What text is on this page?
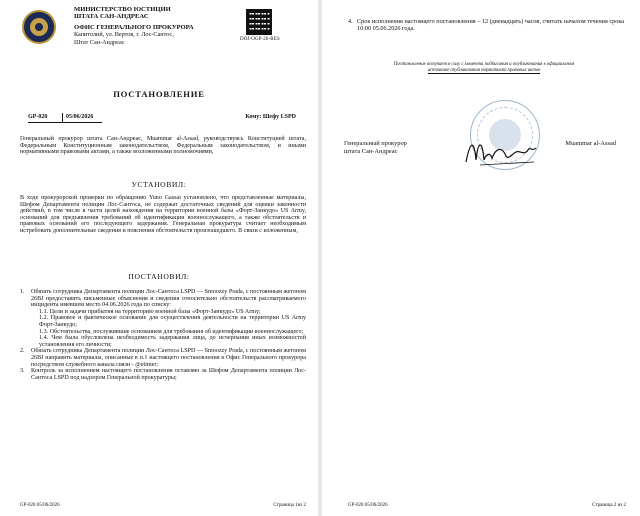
МИНИСТЕРСТВО ЮСТИЦИИ
ШТАТА САН-АНДРЕАС
ОФИС ГЕНЕРАЛЬНОГО ПРОКУРОРА
Капитолий, ул. Вертов, г. Лос-Сантос,
Штат Сан-Андреас	DOJ-OGP-26-RES
ПОСТАНОВЛЕНИЕ
GP-020	05/06/2026	Кому: Шефу LSPD
Генеральный прокурор штата Сан-Андреас, Muammar al-Assad, руководствуясь Конституцией штата, Федеральным Конституционным законодательством, Федеральным законодательством, и иными нормативными правовыми актами, а также возложенными полномочиями,
УСТАНОВИЛ:
В ходе прокурорской проверки по обращению Yuno Gassai установлено, что представленные материалы, Шефом Департамента полиции Лос-Сантоса, не содержат достаточных сведений для оценки законности действий, в том числе в части целей нахождения на территории военной базы «Форт-Занкудо» US Army, оснований для предъявления требований об идентификации военнослужащего, а также обстоятельств и правовых оснований его последующего задержания. Генеральная прокуратура считает необходимым истребовать дополнительные сведения и пояснения обстоятельств произошедшего. В связи с изложенным,
ПОСТАНОВИЛ:
1. Обязать сотрудника Департамента полиции Лос-Сантоса LSPD — Smoozzy Prada, с постоянным жетоном 26BJ предоставить письменные объяснения и сведения относительно обстоятельств рассматриваемого инцидента имевшем место 04.06.2026 года по списку:
1.1. Цели и задачи прибытия на территорию военной базы «Форт-Занкудо» US Army;
1.2. Правовое и фактическое основание для осуществления деятельности на территории US Army Форт-Занкудо;
1.3. Обстоятельства, послужившие основанием для требования об идентификации военнослужащего;
1.4. Чем была обусловлена необходимость задержания лица, до исчерпания иных возможностей установления его личности;
2. Обязать сотрудника Департамента полиции Лос-Сантоса LSPD — Smoozzy Prada, с постоянным жетоном 26BJ направить материалы, описанные в п.1 настоящего постановления в Офис Генерального прокурора посредством служебного канала связи - @etimer;
3. Контроль за исполнением настоящего постановления оставляю за Шефом Департамента полиции Лос-Сантоса LSPD под надзором Генеральной прокуратуры;
GP-020 05/06/2026	Страница 1из 2
4. Срок исполнения настоящего постановления – 12 (двенадцать) часов, считать началом течения срока 10:00 05.06.2026 года.
Постановление вступает в силу с момента подписания и опубликования в официальном
источнике опубликования нормативно правовых актов
Генеральный прокурор
штата Сан-Андреас
Muammar al-Assad
GP-020 05/06/2026	Страница 2 из 2
